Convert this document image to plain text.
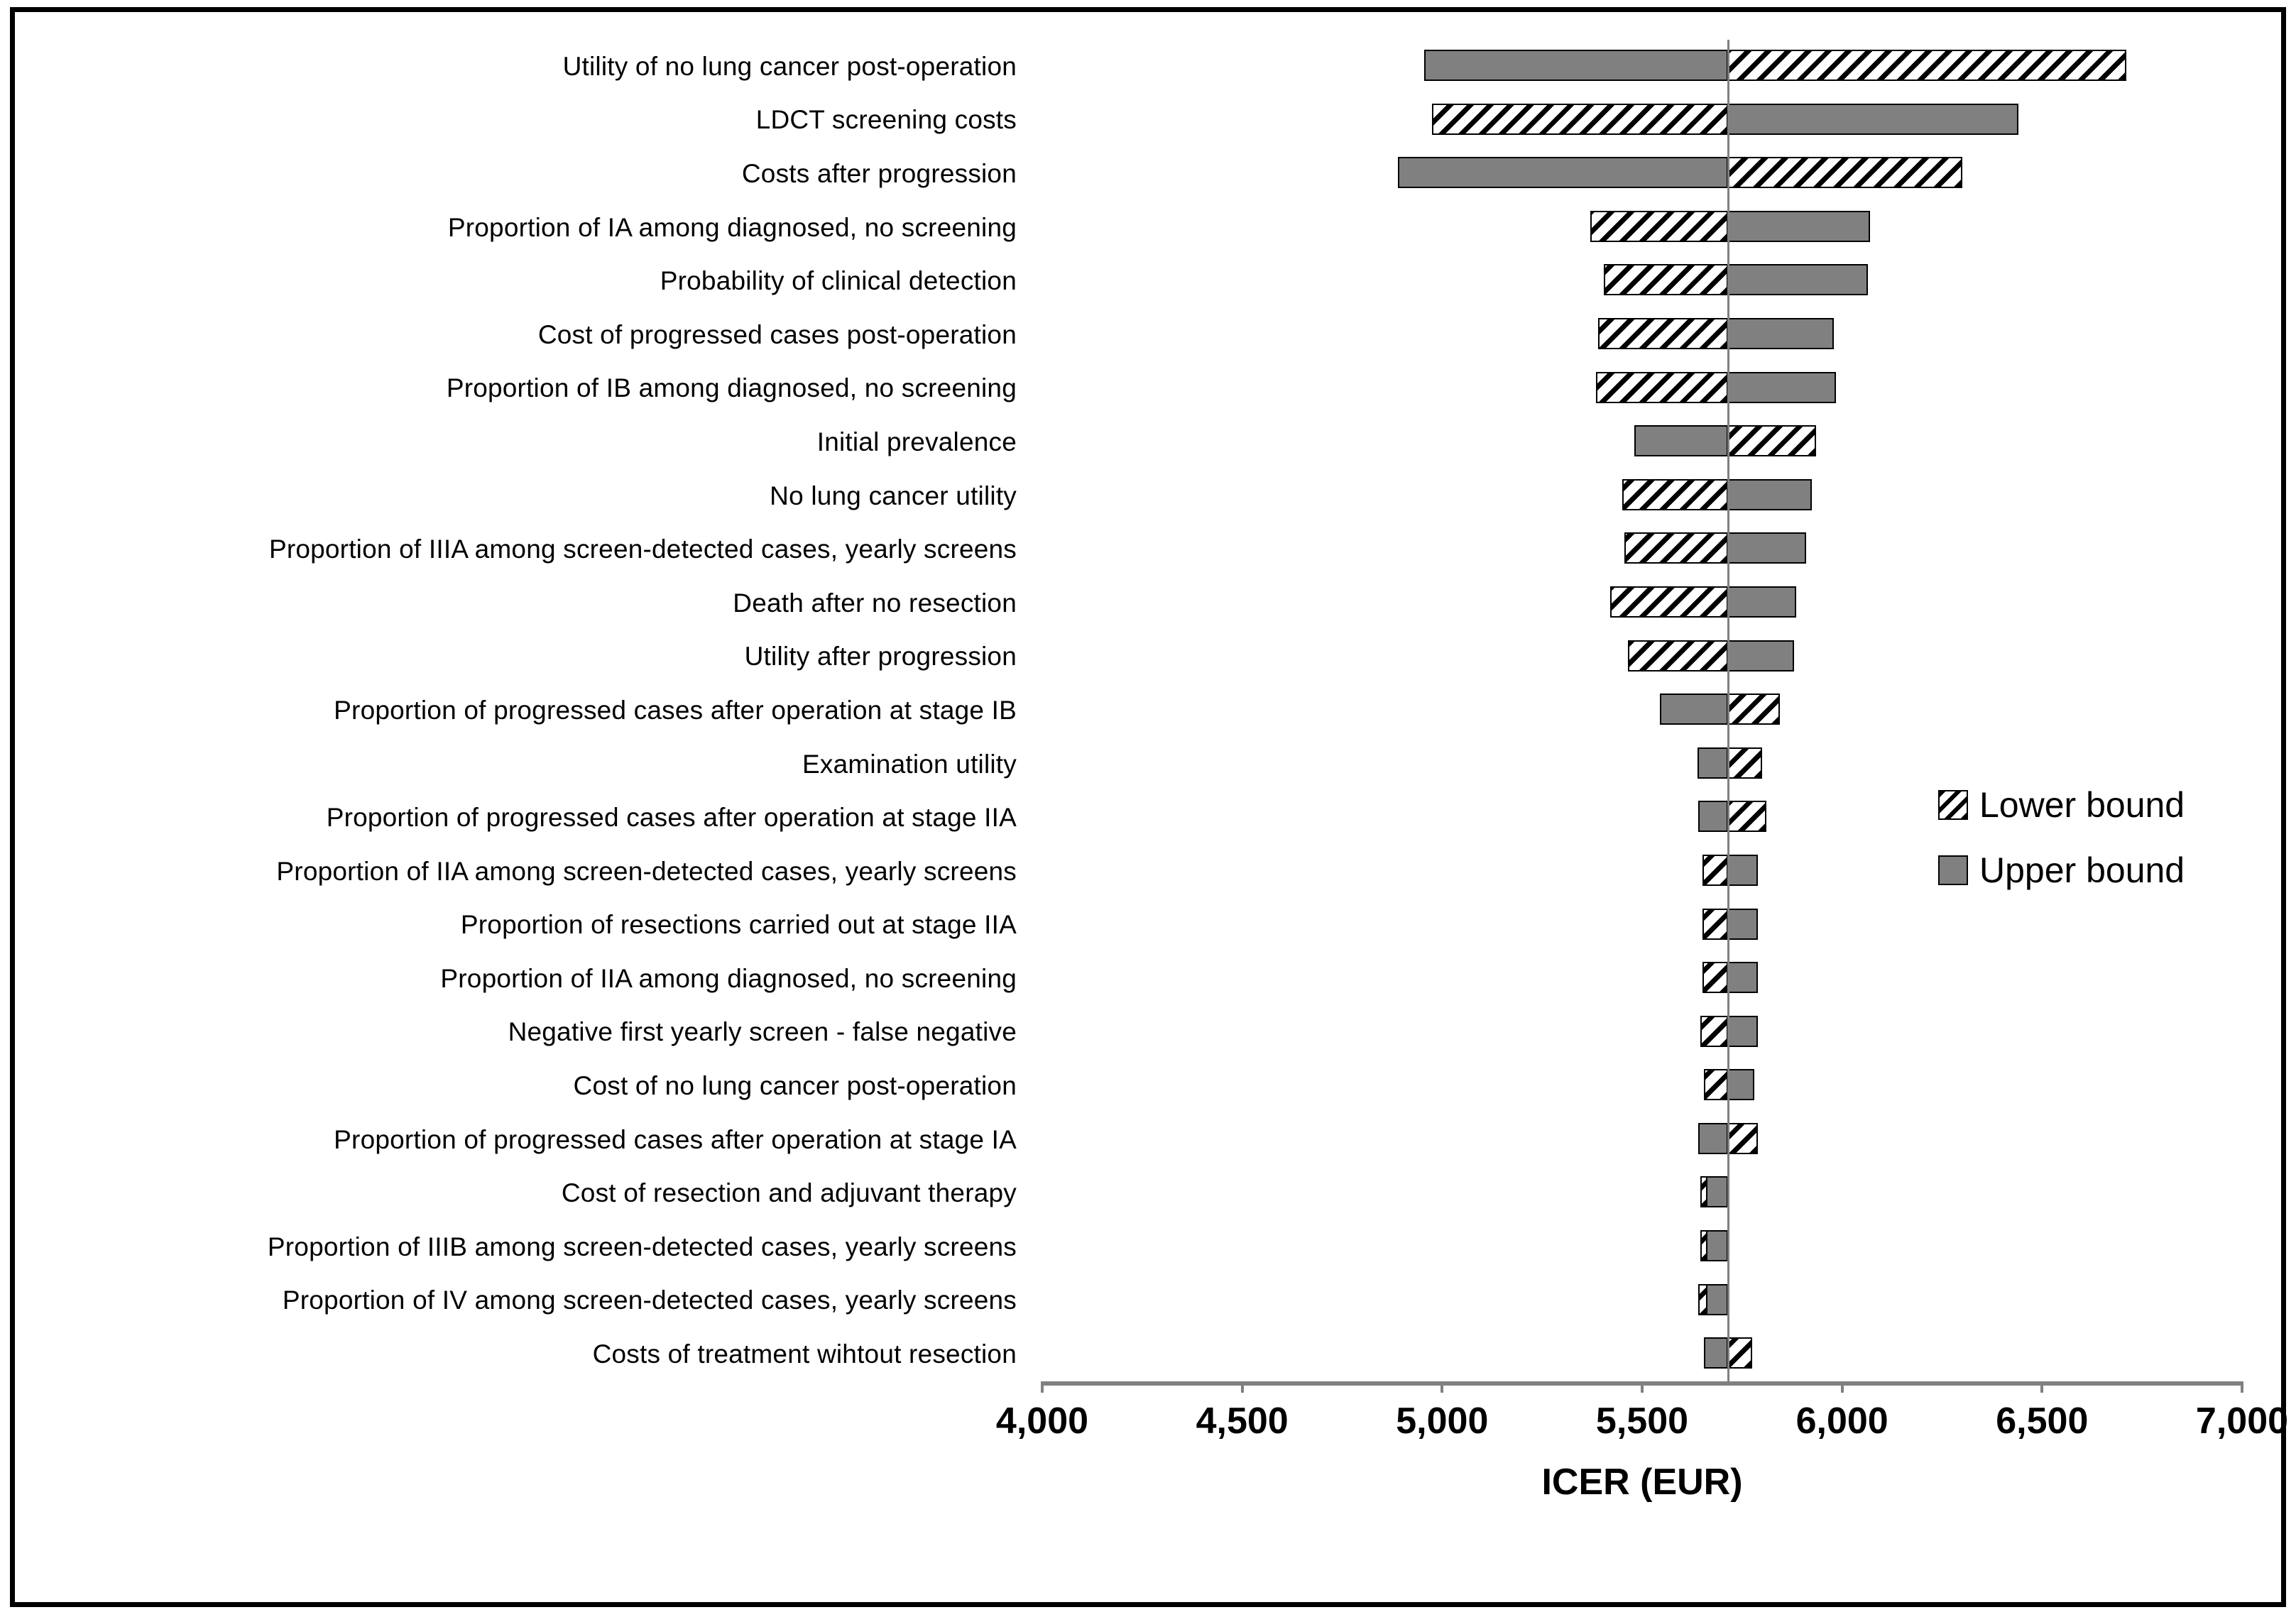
Utility of no lung cancer post-operation
LDCT screening costs
Costs after progression
Proportion of IA among diagnosed, no screening
Probability of clinical detection
Cost of progressed cases post-operation
Proportion of IB among diagnosed, no screening
Initial prevalence
No lung cancer utility
Proportion of IIIA among screen-detected cases, yearly screens
Death after no resection
Utility after progression
Proportion of progressed cases after operation at stage IB
Examination utility
Proportion of progressed cases after operation at stage IIA
Proportion of IIA among screen-detected cases, yearly screens
Proportion of resections carried out at stage IIA
Proportion of IIA among diagnosed, no screening
Negative first yearly screen - false negative
Cost of no lung cancer post-operation
Proportion of progressed cases after operation at stage IA
Cost of resection and adjuvant therapy
Proportion of IIIB among screen-detected cases, yearly screens
Proportion of IV among screen-detected cases, yearly screens
Costs of treatment wihtout resection
4,000	4,500	5,000	5,500	6,000	6,500	7,000
ICER (EUR)
Lower bound
Upper bound
